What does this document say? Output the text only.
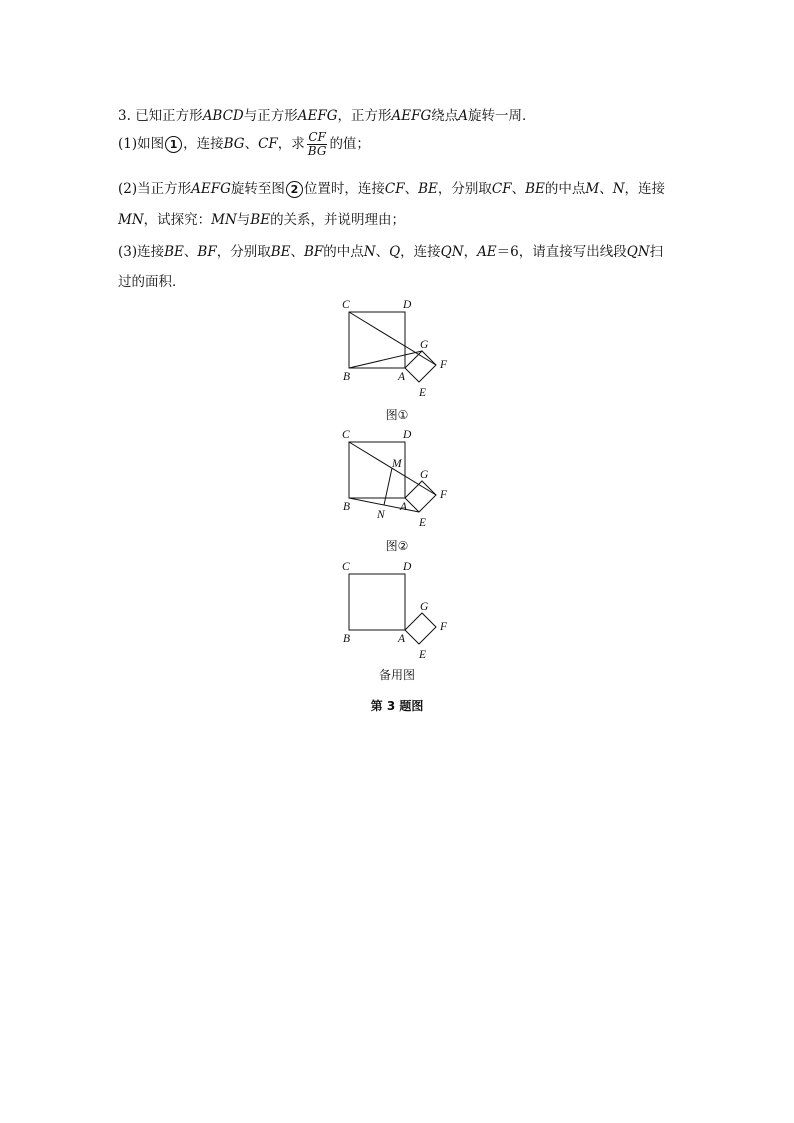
3. 已知正方形ABCD与正方形AEFG，正方形AEFG绕点A旋转一周．
(1)如图 1 ，连接BG、CF，求 $\frac{CF}{BG}$ 的值；
(2)当正方形AEFG旋转至图 2 位置时，连接CF、BE，分别取CF、BE的中点M、N，连接
MN，试探究：MN与BE的关系，并说明理由；
(3)连接BE、BF，分别取BE、BF的中点N、Q，连接QN，AE＝6，请直接写出线段QN扫
过的面积．
C	D
B	A
G
F
E
图①
C	D
M
B
N
A
G
F
E
图②
C	D
B	A
G
F
E
备用图
第 3 题图
